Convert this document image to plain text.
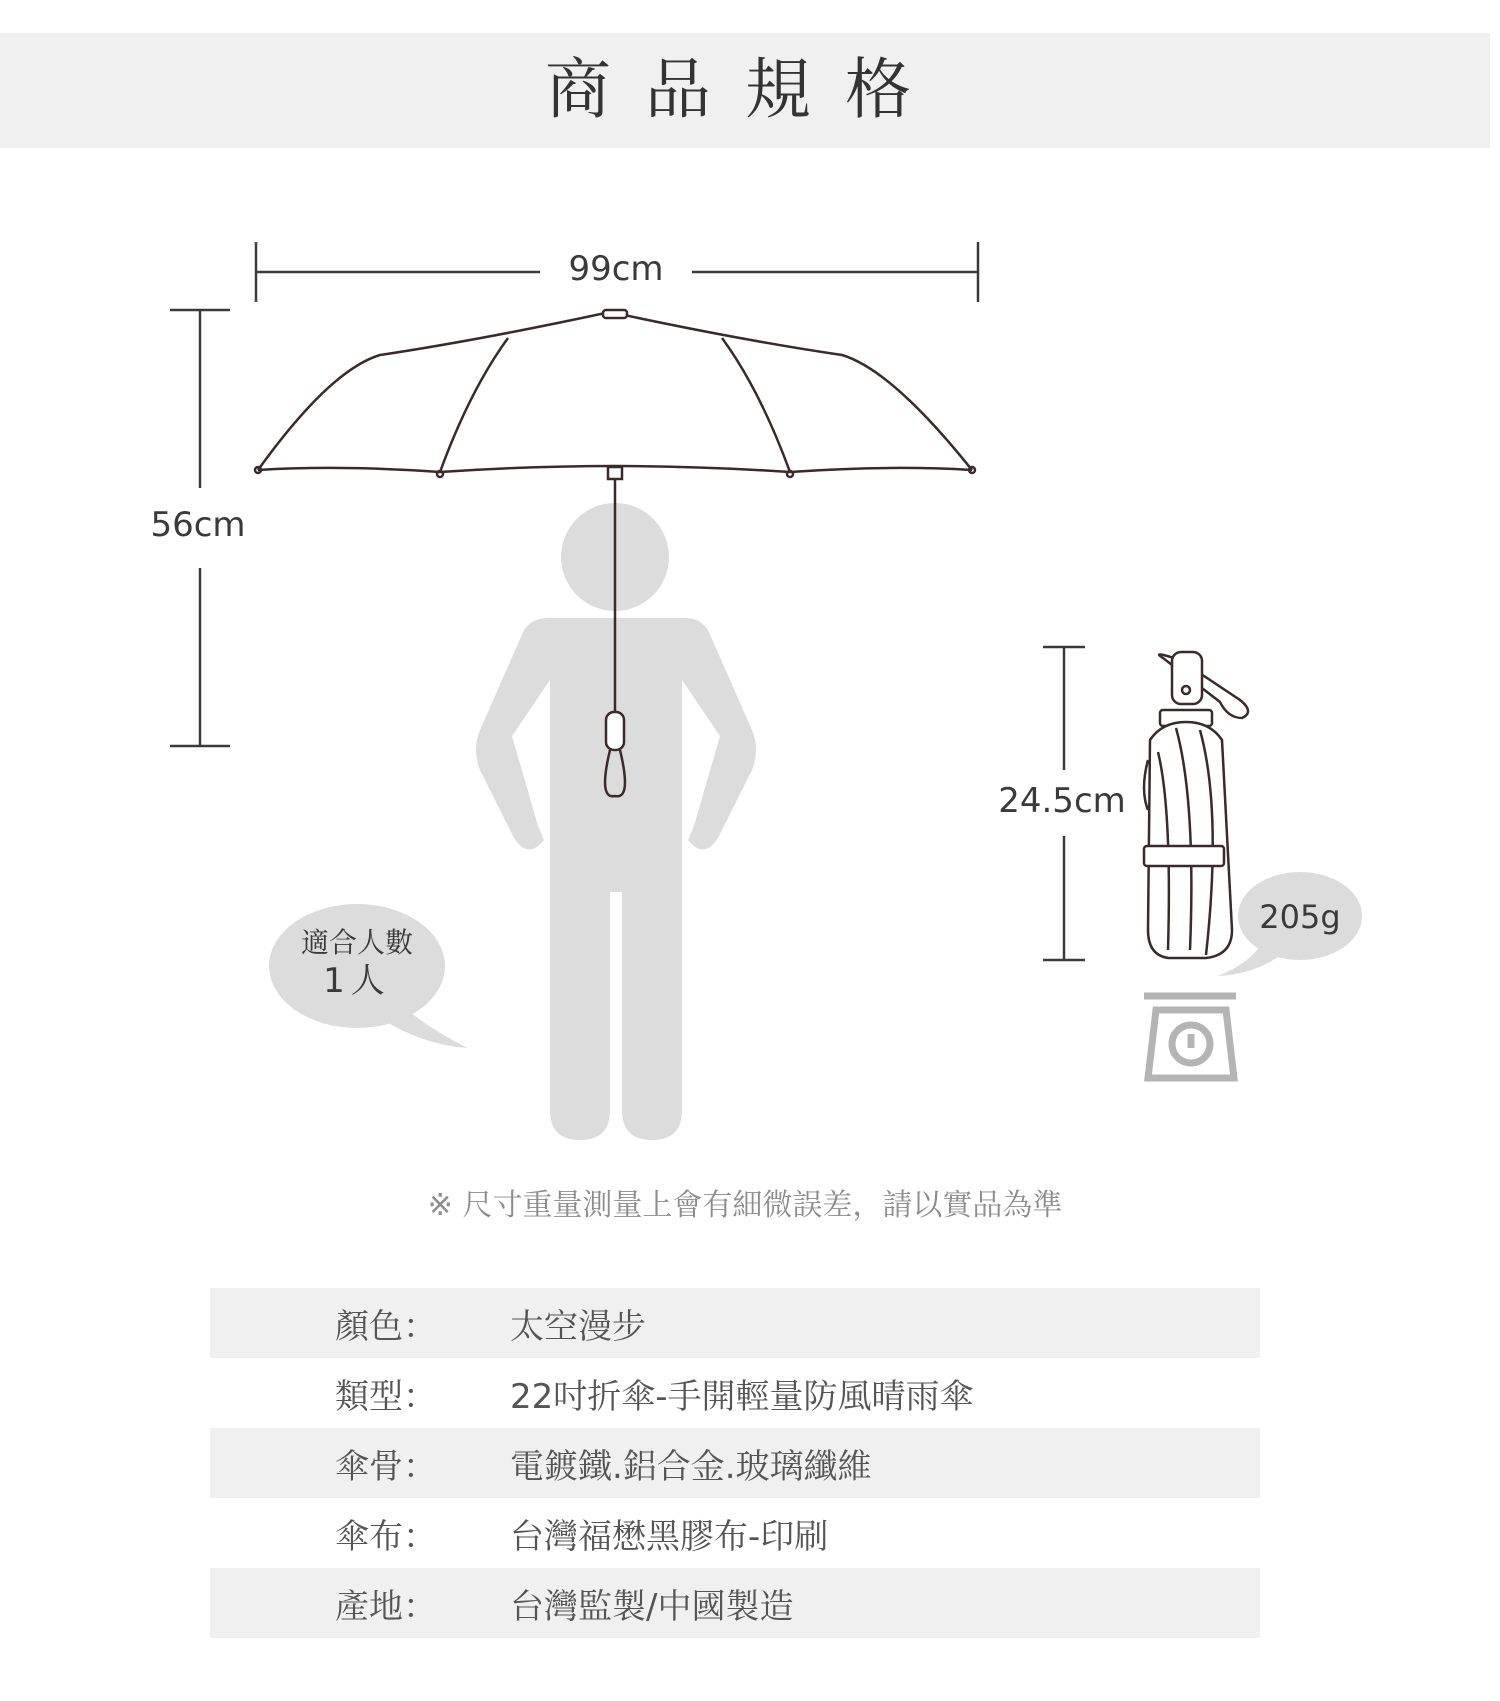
商品規格
99cm
56cm
適合人數
1人
24.5cm
205g
※ 尺寸重量測量上會有細微誤差，請以實品為準
顏色： 太空漫步
類型： 22吋折傘-手開輕量防風晴雨傘
傘骨： 電鍍鐵.鋁合金.玻璃纖維
傘布： 台灣福懋黑膠布-印刷
產地： 台灣監製/中國製造
